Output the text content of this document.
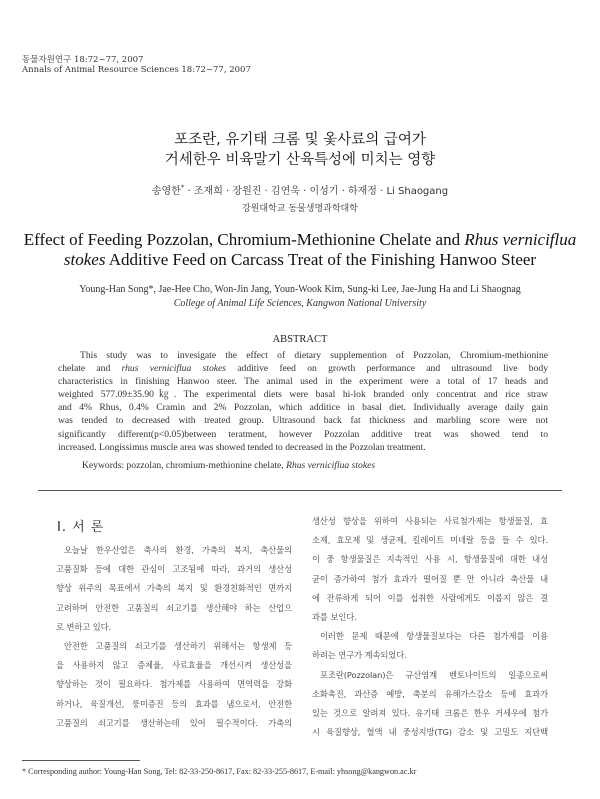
동물자원연구 18:72~77, 2007
Annals of Animal Resource Sciences 18:72~77, 2007
포조란, 유기태 크롬 및 옻사료의 급여가
거세한우 비육말기 산육특성에 미치는 영향
송영한* · 조재희 · 장원진 · 김연욱 · 이성기 · 하재정 · Li Shaogang
강원대학교 동물생명과학대학
Effect of Feeding Pozzolan, Chromium-Methionine Chelate and Rhus verniciflua
stokes Additive Feed on Carcass Treat of the Finishing Hanwoo Steer
Young-Han Song*, Jae-Hee Cho, Won-Jin Jang, Youn-Wook Kim, Sung-ki Lee, Jae-Jung Ha and Li Shaognag
College of Animal Life Sciences, Kangwon National University
ABSTRACT
This study was to invesigate the effect of dietary supplemention of Pozzolan, Chromium-methionine
chelate and rhus verniciflua stokes additive feed on growth performance and ultrasound live body
characteristics in finishing Hanwoo steer. The animal used in the experiment were a total of 17 heads and
weighted 577.09±35.90㎏. The experimental diets were basal hi-lok branded only concentrat and rice straw
and 4% Rhus, 0.4% Cramin and 2% Pozzolan, which additice in basal diet. Individually average daily gain
was tended to decreased with treated group. Ultrasound back fat thickness and marbling score were not
significantly different(p<0.05)between teratment, however Pozzolan additive treat was showed tend to
increased. Longissimus muscle area was showed tended to decreased in the Pozzolan treatment.
Keywords: pozzolan, chromium-methionine chelate, Rhus verniciflua stokes
Ⅰ. 서 론
오늘날 한우산업은 축사의 환경, 가축의 복지, 축산물의
고품질화 등에 대한 관심이 고조됨에 따라, 과거의 생산성
향상 위주의 목표에서 가축의 복지 및 환경친화적인 면까지
고려하며 안전한 고품질의 쇠고기를 생산해야 하는 산업으
로 변하고 있다.
안전한 고품질의 쇠고기를 생산하기 위해서는 항생제 등
을 사용하지 않고 증체율, 사료효율을 개선시켜 생산성을
향상하는 것이 필요하다. 첨가제를 사용하여 면역력을 강화
하거나, 육질개선, 풍미증진 등의 효과를 냄으로서, 안전한
고품질의 쇠고기를 생산하는데 있어 필수적이다. 가축의
생산성 향상을 위하여 사용되는 사료첨가제는 항생물질, 효
소제, 효모제 및 생균제, 킬레이트 미네랄 등을 들 수 있다.
이 중 항생물질은 지속적인 사용 시, 항생물질에 대한 내성
균이 증가하여 첨가 효과가 떨어질 뿐 만 아니라 축산물 내
에 잔류하게 되어 이를 섭취한 사람에게도 이롭지 않은 결
과를 보인다.
이러한 문제 때문에 항생물질보다는 다른 첨가제를 이용
하려는 연구가 계속되었다.
포조란(Pozzolan)은 규산염계 벤토나이트의 일종으로써
소화촉진, 과산증 예방, 축분의 유해가스감소 등에 효과가
있는 것으로 알려져 있다. 유기태 크롬은 한우 거세우에 첨가
시 육질향상, 혈액 내 중성지방(TG) 감소 및 고밀도 지단백
* Corresponding author: Young-Han Song, Tel: 82-33-250-8617, Fax: 82-33-255-8617, E-mail: yhsong@kangwon.ac.kr
